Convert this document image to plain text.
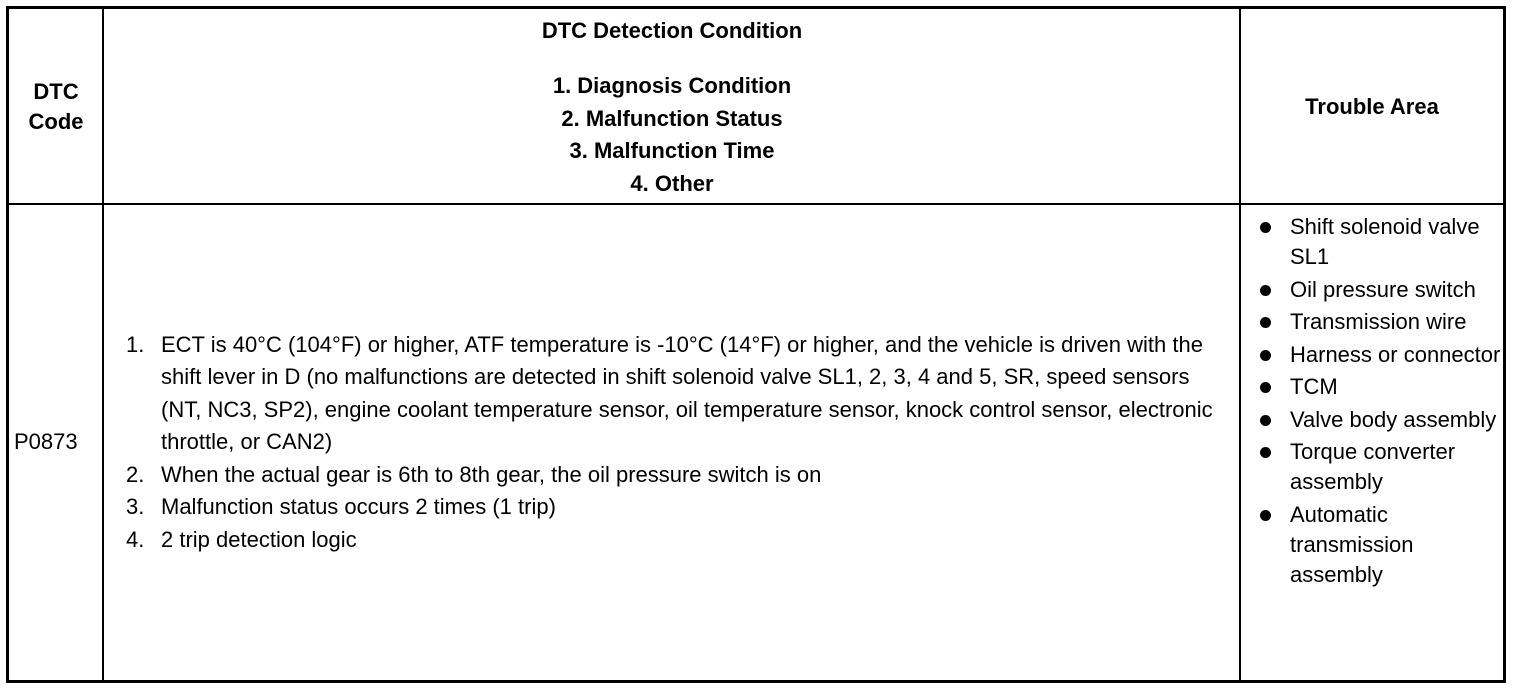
DTC
Code
DTC Detection Condition
1. Diagnosis Condition
2. Malfunction Status
3. Malfunction Time
4. Other
Trouble Area
P0873
1. ECT is 40°C (104°F) or higher, ATF temperature is -10°C (14°F) or higher, and the vehicle is driven with the shift lever in D (no malfunctions are detected in shift solenoid valve SL1, 2, 3, 4 and 5, SR, speed sensors (NT, NC3, SP2), engine coolant temperature sensor, oil temperature sensor, knock control sensor, electronic throttle, or CAN2)
2. When the actual gear is 6th to 8th gear, the oil pressure switch is on
3. Malfunction status occurs 2 times (1 trip)
4. 2 trip detection logic
Shift solenoid valve SL1
Oil pressure switch
Transmission wire
Harness or connector
TCM
Valve body assembly
Torque converter assembly
Automatic transmission assembly
